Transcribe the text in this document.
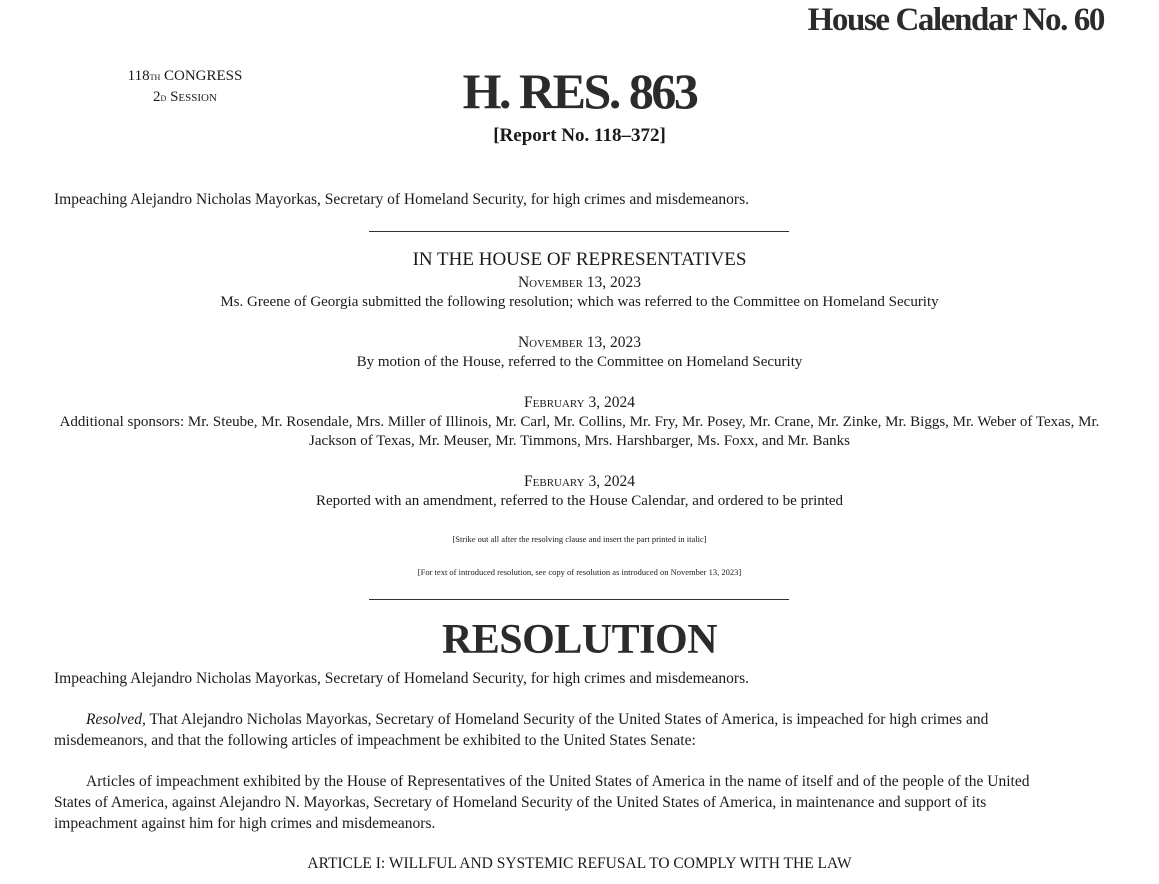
House Calendar No. 60
118th CONGRESS
2d Session	H. RES. 863
[Report No. 118–372]
Impeaching Alejandro Nicholas Mayorkas, Secretary of Homeland Security, for high crimes and misdemeanors.
IN THE HOUSE OF REPRESENTATIVES
November 13, 2023
Ms. Greene of Georgia submitted the following resolution; which was referred to the Committee on Homeland Security
November 13, 2023
By motion of the House, referred to the Committee on Homeland Security
February 3, 2024
Additional sponsors: Mr. Steube, Mr. Rosendale, Mrs. Miller of Illinois, Mr. Carl, Mr. Collins, Mr. Fry, Mr. Posey, Mr. Crane, Mr. Zinke, Mr. Biggs, Mr. Weber of Texas, Mr.
Jackson of Texas, Mr. Meuser, Mr. Timmons, Mrs. Harshbarger, Ms. Foxx, and Mr. Banks
February 3, 2024
Reported with an amendment, referred to the House Calendar, and ordered to be printed
[Strike out all after the resolving clause and insert the part printed in italic]
[For text of introduced resolution, see copy of resolution as introduced on November 13, 2023]
RESOLUTION
Impeaching Alejandro Nicholas Mayorkas, Secretary of Homeland Security, for high crimes and misdemeanors.
Resolved, That Alejandro Nicholas Mayorkas, Secretary of Homeland Security of the United States of America, is impeached for high crimes and
misdemeanors, and that the following articles of impeachment be exhibited to the United States Senate:
Articles of impeachment exhibited by the House of Representatives of the United States of America in the name of itself and of the people of the United
States of America, against Alejandro N. Mayorkas, Secretary of Homeland Security of the United States of America, in maintenance and support of its
impeachment against him for high crimes and misdemeanors.
ARTICLE I: WILLFUL AND SYSTEMIC REFUSAL TO COMPLY WITH THE LAW
